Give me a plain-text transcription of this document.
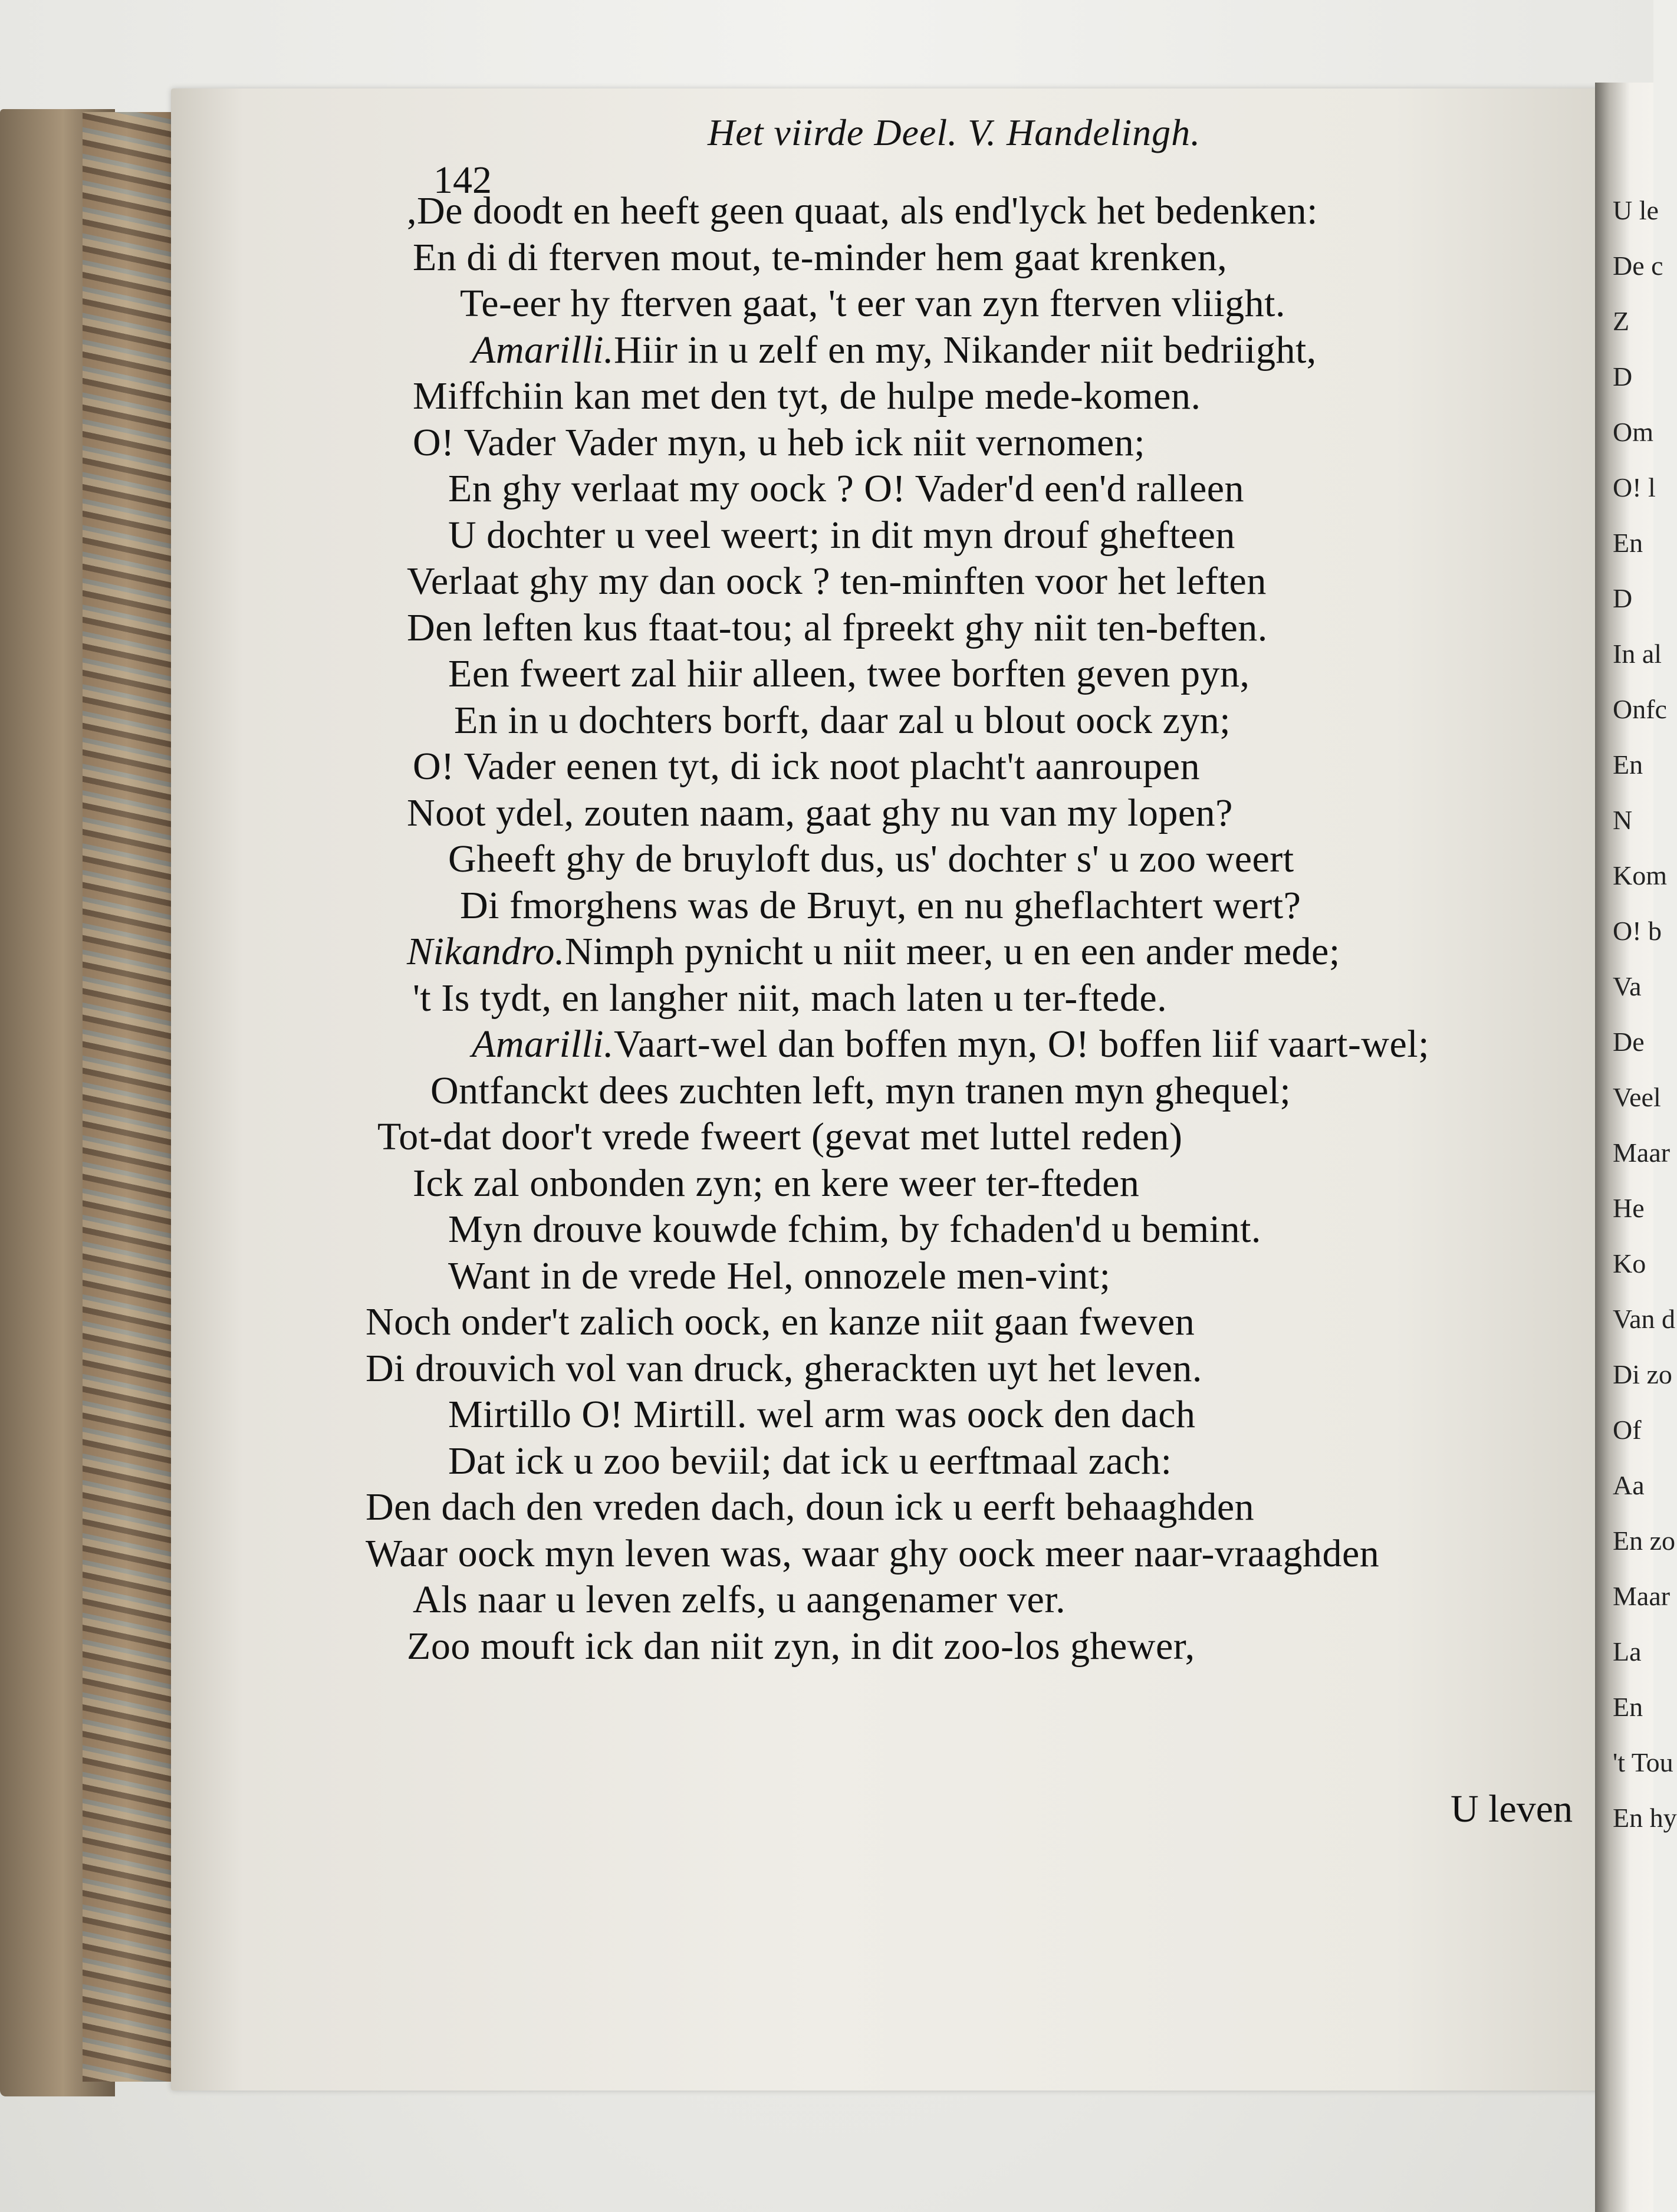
U le
De c
Z
D
Om
O! l
En
D
In al
Onfc
En
N
Kom
O! b
Va
De
Veel
Maar
He
Ko
Van d
Di zo
Of
Aa
En zo
Maar
La
En
't Tou
En hy
Het viirde Deel. V. Handelingh.
142
,De doodt en heeft geen quaat, als end'lyck het bedenken:
En di di fterven mout, te-minder hem gaat krenken,
Te-eer hy fterven gaat, 't eer van zyn fterven vliight.
Amarilli.Hiir in u zelf en my, Nikander niit bedriight,
Miffchiin kan met den tyt, de hulpe mede-komen.
O! Vader Vader myn, u heb ick niit vernomen;
En ghy verlaat my oock ? O! Vader'd een'd ralleen
U dochter u veel weert; in dit myn drouf ghefteen
Verlaat ghy my dan oock ? ten-minften voor het leften
Den leften kus ftaat-tou; al fpreekt ghy niit ten-beften.
Een fweert zal hiir alleen, twee borften geven pyn,
En in u dochters borft, daar zal u blout oock zyn;
O! Vader eenen tyt, di ick noot placht't aanroupen
Noot ydel, zouten naam, gaat ghy nu van my lopen?
Gheeft ghy de bruyloft dus, us' dochter s' u zoo weert
Di fmorghens was de Bruyt, en nu gheflachtert wert?
Nikandro.Nimph pynicht u niit meer, u en een ander mede;
't Is tydt, en langher niit, mach laten u ter-ftede.
Amarilli.Vaart-wel dan boffen myn, O! boffen liif vaart-wel;
Ontfanckt dees zuchten left, myn tranen myn ghequel;
Tot-dat door't vrede fweert (gevat met luttel reden)
Ick zal onbonden zyn; en kere weer ter-fteden
Myn drouve kouwde fchim, by fchaden'd u bemint.
Want in de vrede Hel, onnozele men-vint;
Noch onder't zalich oock, en kanze niit gaan fweven
Di drouvich vol van druck, gherackten uyt het leven.
Mirtillo O! Mirtill. wel arm was oock den dach
Dat ick u zoo beviil; dat ick u eerftmaal zach:
Den dach den vreden dach, doun ick u eerft behaaghden
Waar oock myn leven was, waar ghy oock meer naar-vraaghden
Als naar u leven zelfs, u aangenamer ver.
Zoo mouft ick dan niit zyn, in dit zoo-los ghewer,
U leven
